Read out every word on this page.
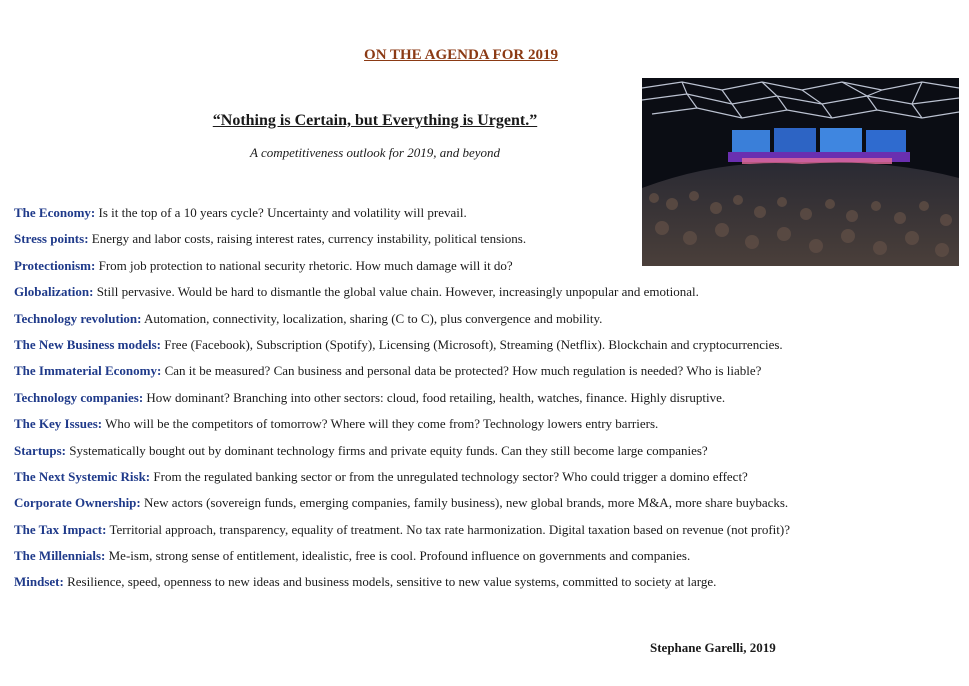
ON THE AGENDA FOR 2019
“Nothing is Certain, but Everything is Urgent.”
A competitiveness outlook for 2019, and beyond
The Economy: Is it the top of a 10 years cycle? Uncertainty and volatility will prevail.
Stress points: Energy and labor costs, raising interest rates, currency instability, political tensions.
Protectionism: From job protection to national security rhetoric. How much damage will it do?
Globalization: Still pervasive. Would be hard to dismantle the global value chain. However, increasingly unpopular and emotional.
Technology revolution: Automation, connectivity, localization, sharing (C to C), plus convergence and mobility.
The New Business models: Free (Facebook), Subscription (Spotify), Licensing (Microsoft), Streaming (Netflix). Blockchain and cryptocurrencies.
The Immaterial Economy: Can it be measured? Can business and personal data be protected? How much regulation is needed? Who is liable?
Technology companies: How dominant? Branching into other sectors: cloud, food retailing, health, watches, finance. Highly disruptive.
The Key Issues: Who will be the competitors of tomorrow? Where will they come from? Technology lowers entry barriers.
Startups: Systematically bought out by dominant technology firms and private equity funds. Can they still become large companies?
The Next Systemic Risk: From the regulated banking sector or from the unregulated technology sector? Who could trigger a domino effect?
Corporate Ownership: New actors (sovereign funds, emerging companies, family business), new global brands, more M&A, more share buybacks.
The Tax Impact: Territorial approach, transparency, equality of treatment. No tax rate harmonization. Digital taxation based on revenue (not profit)?
The Millennials: Me-ism, strong sense of entitlement, idealistic, free is cool. Profound influence on governments and companies.
Mindset: Resilience, speed, openness to new ideas and business models, sensitive to new value systems, committed to society at large.
Stephane Garelli, 2019
